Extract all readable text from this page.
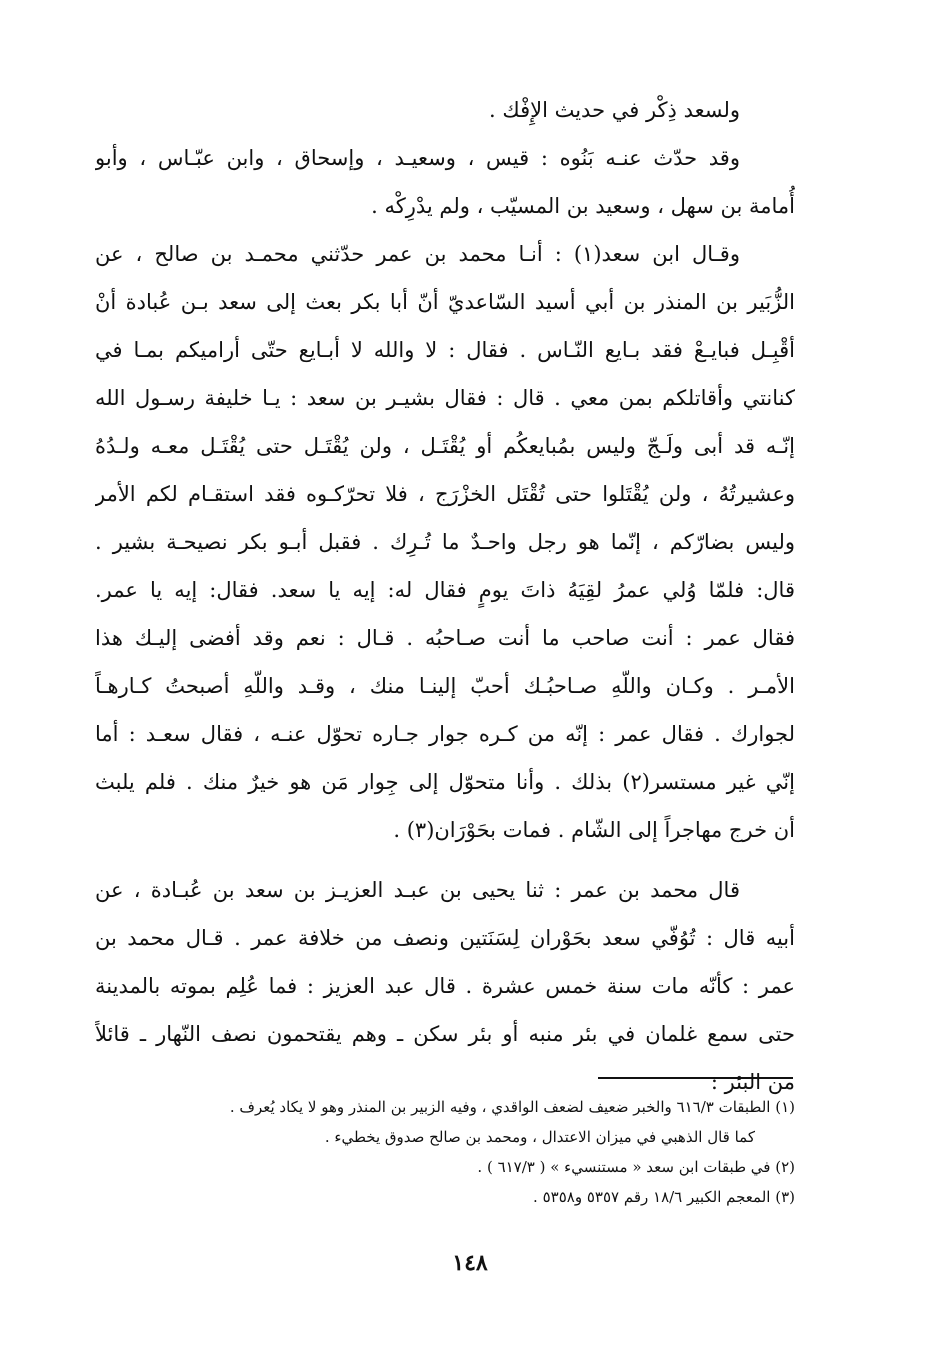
ولسعد ذِكْر في حديث الإِفْك .
وقد حدّث عنـه بَنُوه : قيس ، وسعيـد ، وإسحاق ، وابن عبّـاس ، وأبو
أُمامة بن سهل ، وسعيد بن المسيّب ، ولم يدْرِكْه .
وقـال ابن سعد(١) : أنـا محمد بن عمر حدّثني محمـد بن صالح ، عن
الزُّبَير بن المنذر بن أبي أسيد السّاعديّ أنّ أبا بكر بعث إلى سعد بـن عُبادة أنْ
أقْبِـل فبايـعْ فقد بـايع النّـاس . فقال : لا والله لا أبـايع حتّى أراميكم بمـا في
كنانتي وأقاتلكم بمن معي . قال : فقال بشيـر بن سعد : يـا خليفة رسـول الله
إنّـه قد أبى ولَـجّ وليس بمُبايعكُم أو يُقْتَـل ، ولن يُقْتَـل حتى يُقْتَـل معـه ولـدُهُ
وعشيرتُهُ ، ولن يُقْتَلوا حتى تُقْتَل الخزْرَج ، فلا تحرّكـوه فقد استقـام لكم الأمر
وليس بضارّكم ، إنّما هو رجل واحـدٌ ما تُـرِك . فقبل أبـو بكر نصيحـة بشير .
قال: فلمّا وُلي عمرُ لقِيَهُ ذاتَ يومٍ فقال له: إيه يا سعد. فقال: إيه يا عمر.
فقال عمر : أنت صاحب ما أنت صـاحبُه . قـال : نعم وقد أفضى إليـك هذا
الأمـر . وكـان واللّهِ صـاحبُـك أحبّ إلينـا منك ، وقـد واللّهِ أصبحتُ كـارهـاً
لجوارك . فقال عمر : إنّه من كـره جوار جـاره تحوّل عنـه ، فقال سعـد : أما
إنّي غير مستسر(٢) بذلك . وأنا متحوّل إلى جِوار مَن هو خيرٌ منك . فلم يلبث
أن خرج مهاجراً إلى الشّام . فمات بحَوْرَان(٣) .
قال محمد بن عمر : ثنا يحيى بن عبـد العزيـز بن سعد بن عُبـادة ، عن
أبيه قال : تُوُفّي سعد بحَوْران لِسَنَتين ونصف من خلافة عمر . قـال محمد بن
عمر : كأنّه مات سنة خمس عشرة . قال عبد العزيز : فما عُلِم بموته بالمدينة
حتى سمع غلمان في بئر منبه أو بئر سكن ـ وهم يقتحمون نصف النّهار ـ قائلاً
من البئر :
(١) الطبقات ٦١٦/٣ والخبر ضعيف لضعف الواقدي ، وفيه الزبير بن المنذر وهو لا يكاد يُعرف .
كما قال الذهبي في ميزان الاعتدال ، ومحمد بن صالح صدوق يخطيء .
(٢) في طبقات ابن سعد « مستنسيء » ( ٦١٧/٣ ) .
(٣) المعجم الكبير ١٨/٦ رقم ٥٣٥٧ و٥٣٥٨ .
١٤٨
